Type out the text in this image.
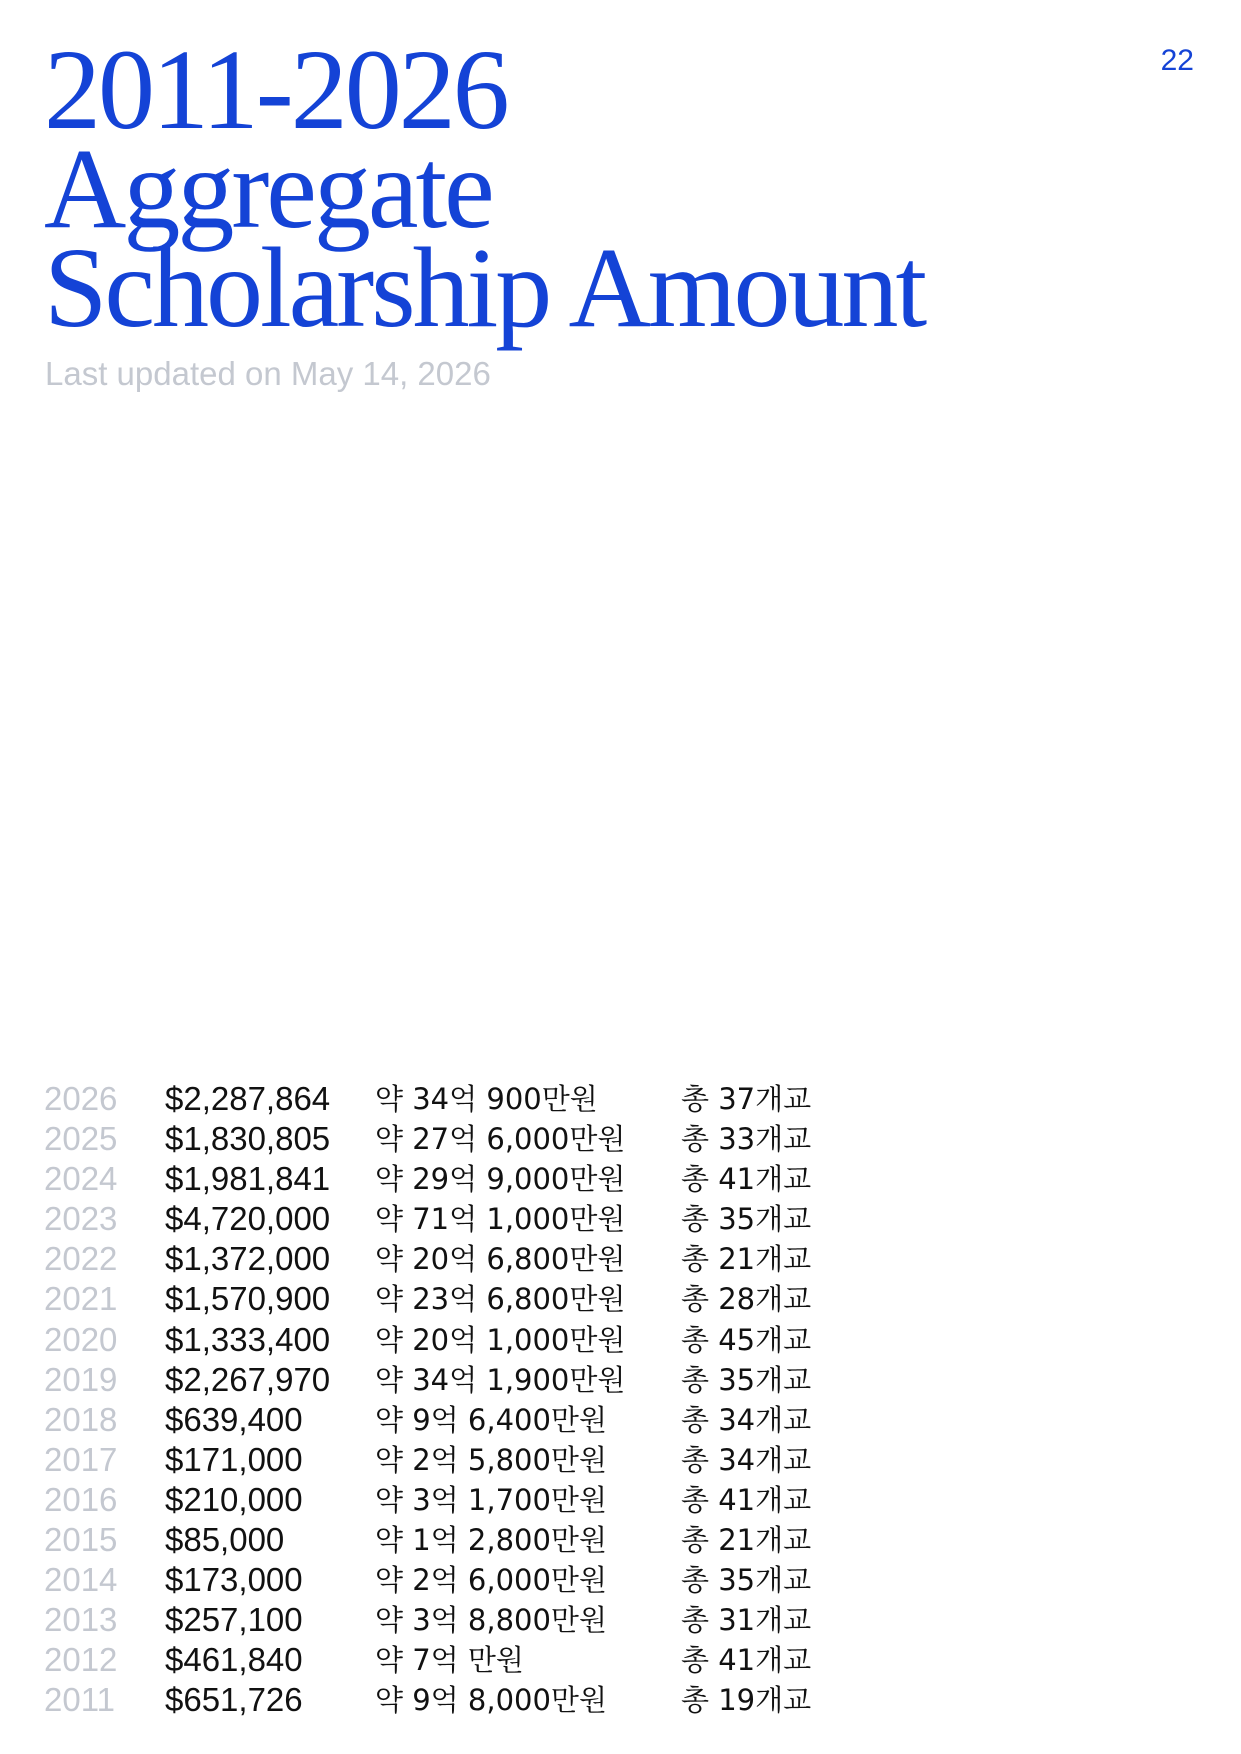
22
2011-2026
Aggregate
Scholarship Amount
Last updated on May 14, 2026
2026 $2,287,864 약 34억 900만원	총 37개교
2025 $1,830,805 약 27억 6,000만원 총 33개교
2024 $1,981,841 약 29억 9,000만원 총 41개교
2023 $4,720,000 약 71억 1,000만원 총 35개교
2022 $1,372,000 약 20억 6,800만원 총 21개교
2021 $1,570,900 약 23억 6,800만원 총 28개교
2020 $1,333,400 약 20억 1,000만원 총 45개교
2019 $2,267,970 약 34억 1,900만원 총 35개교
2018 $639,400 약 9억 6,400만원	총 34개교
2017 $171,000 약 2억 5,800만원	총 34개교
2016 $210,000 약 3억 1,700만원	총 41개교
2015 $85,000	약 1억 2,800만원	총 21개교
2014 $173,000 약 2억 6,000만원	총 35개교
2013 $257,100 약 3억 8,800만원	총 31개교
2012 $461,840 약 7억 만원	총 41개교
2011 $651,726 약 9억 8,000만원	총 19개교
